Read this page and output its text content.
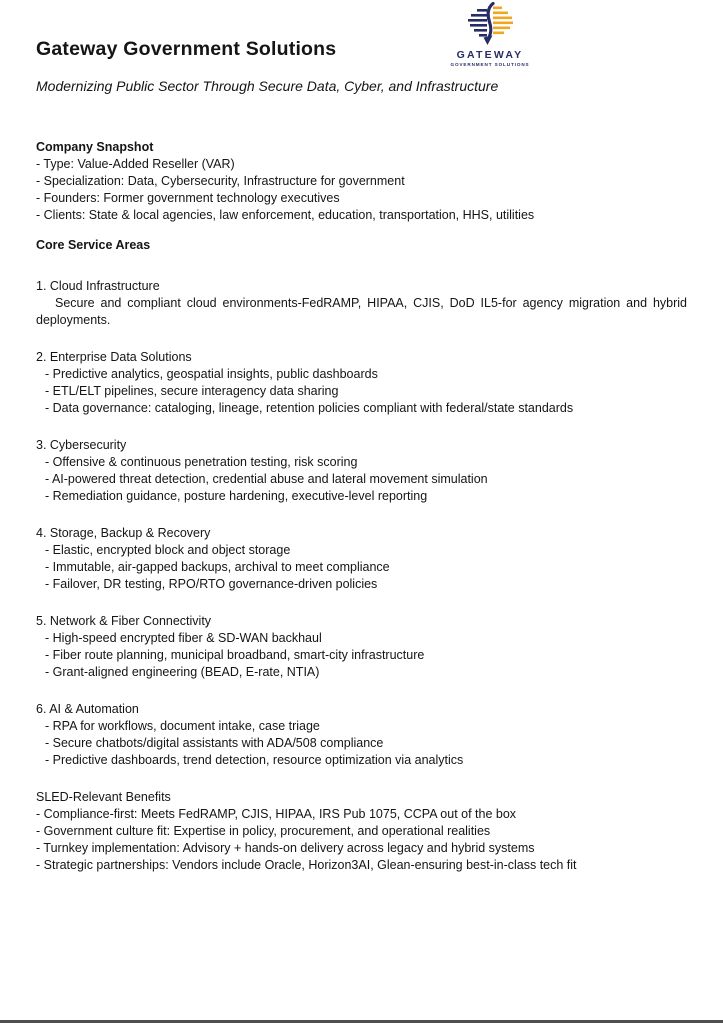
GATEWAY
GOVERNMENT SOLUTIONS
Gateway Government Solutions

Modernizing Public Sector Through Secure Data, Cyber, and Infrastructure

Company Snapshot
- Type: Value-Added Reseller (VAR)
- Specialization: Data, Cybersecurity, Infrastructure for government
- Founders: Former government technology executives
- Clients: State & local agencies, law enforcement, education, transportation, HHS, utilities
Core Service Areas
1. Cloud Infrastructure
Secure and compliant cloud environments-FedRAMP, HIPAA, CJIS, DoD IL5-for agency migration and hybrid
deployments.
2. Enterprise Data Solutions
- Predictive analytics, geospatial insights, public dashboards
- ETL/ELT pipelines, secure interagency data sharing
- Data governance: cataloging, lineage, retention policies compliant with federal/state standards
3. Cybersecurity
- Offensive & continuous penetration testing, risk scoring
- AI-powered threat detection, credential abuse and lateral movement simulation
- Remediation guidance, posture hardening, executive-level reporting
4. Storage, Backup & Recovery
- Elastic, encrypted block and object storage
- Immutable, air-gapped backups, archival to meet compliance
- Failover, DR testing, RPO/RTO governance-driven policies
5. Network & Fiber Connectivity
- High-speed encrypted fiber & SD-WAN backhaul
- Fiber route planning, municipal broadband, smart-city infrastructure
- Grant-aligned engineering (BEAD, E-rate, NTIA)
6. AI & Automation
- RPA for workflows, document intake, case triage
- Secure chatbots/digital assistants with ADA/508 compliance
- Predictive dashboards, trend detection, resource optimization via analytics
SLED-Relevant Benefits
- Compliance-first: Meets FedRAMP, CJIS, HIPAA, IRS Pub 1075, CCPA out of the box
- Government culture fit: Expertise in policy, procurement, and operational realities
- Turnkey implementation: Advisory + hands-on delivery across legacy and hybrid systems
- Strategic partnerships: Vendors include Oracle, Horizon3AI, Glean-ensuring best-in-class tech fit
